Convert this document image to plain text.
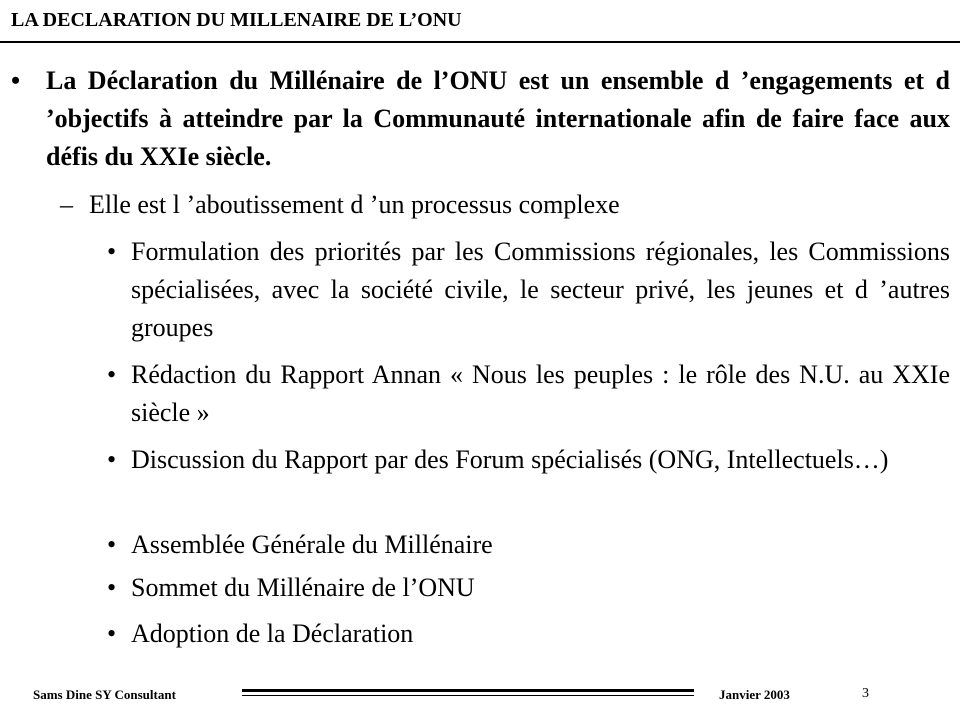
LA DECLARATION DU MILLENAIRE DE L’ONU
• La Déclaration du Millénaire de l’ONU est un ensemble d ’engagements et d ’objectifs à atteindre par la Communauté internationale afin de faire face aux défis du XXIe siècle.
– Elle est l ’aboutissement d ’un processus complexe
• Formulation des priorités par les Commissions régionales, les Commissions spécialisées, avec la société civile, le secteur privé, les jeunes et d ’autres groupes
• Rédaction du Rapport Annan « Nous les peuples : le rôle des N.U. au XXIe siècle »
• Discussion du Rapport par des Forum spécialisés (ONG, Intellectuels…)
• Assemblée Générale du Millénaire
• Sommet du Millénaire de l’ONU
• Adoption de la Déclaration
Sams Dine SY Consultant	Janvier 2003	3
